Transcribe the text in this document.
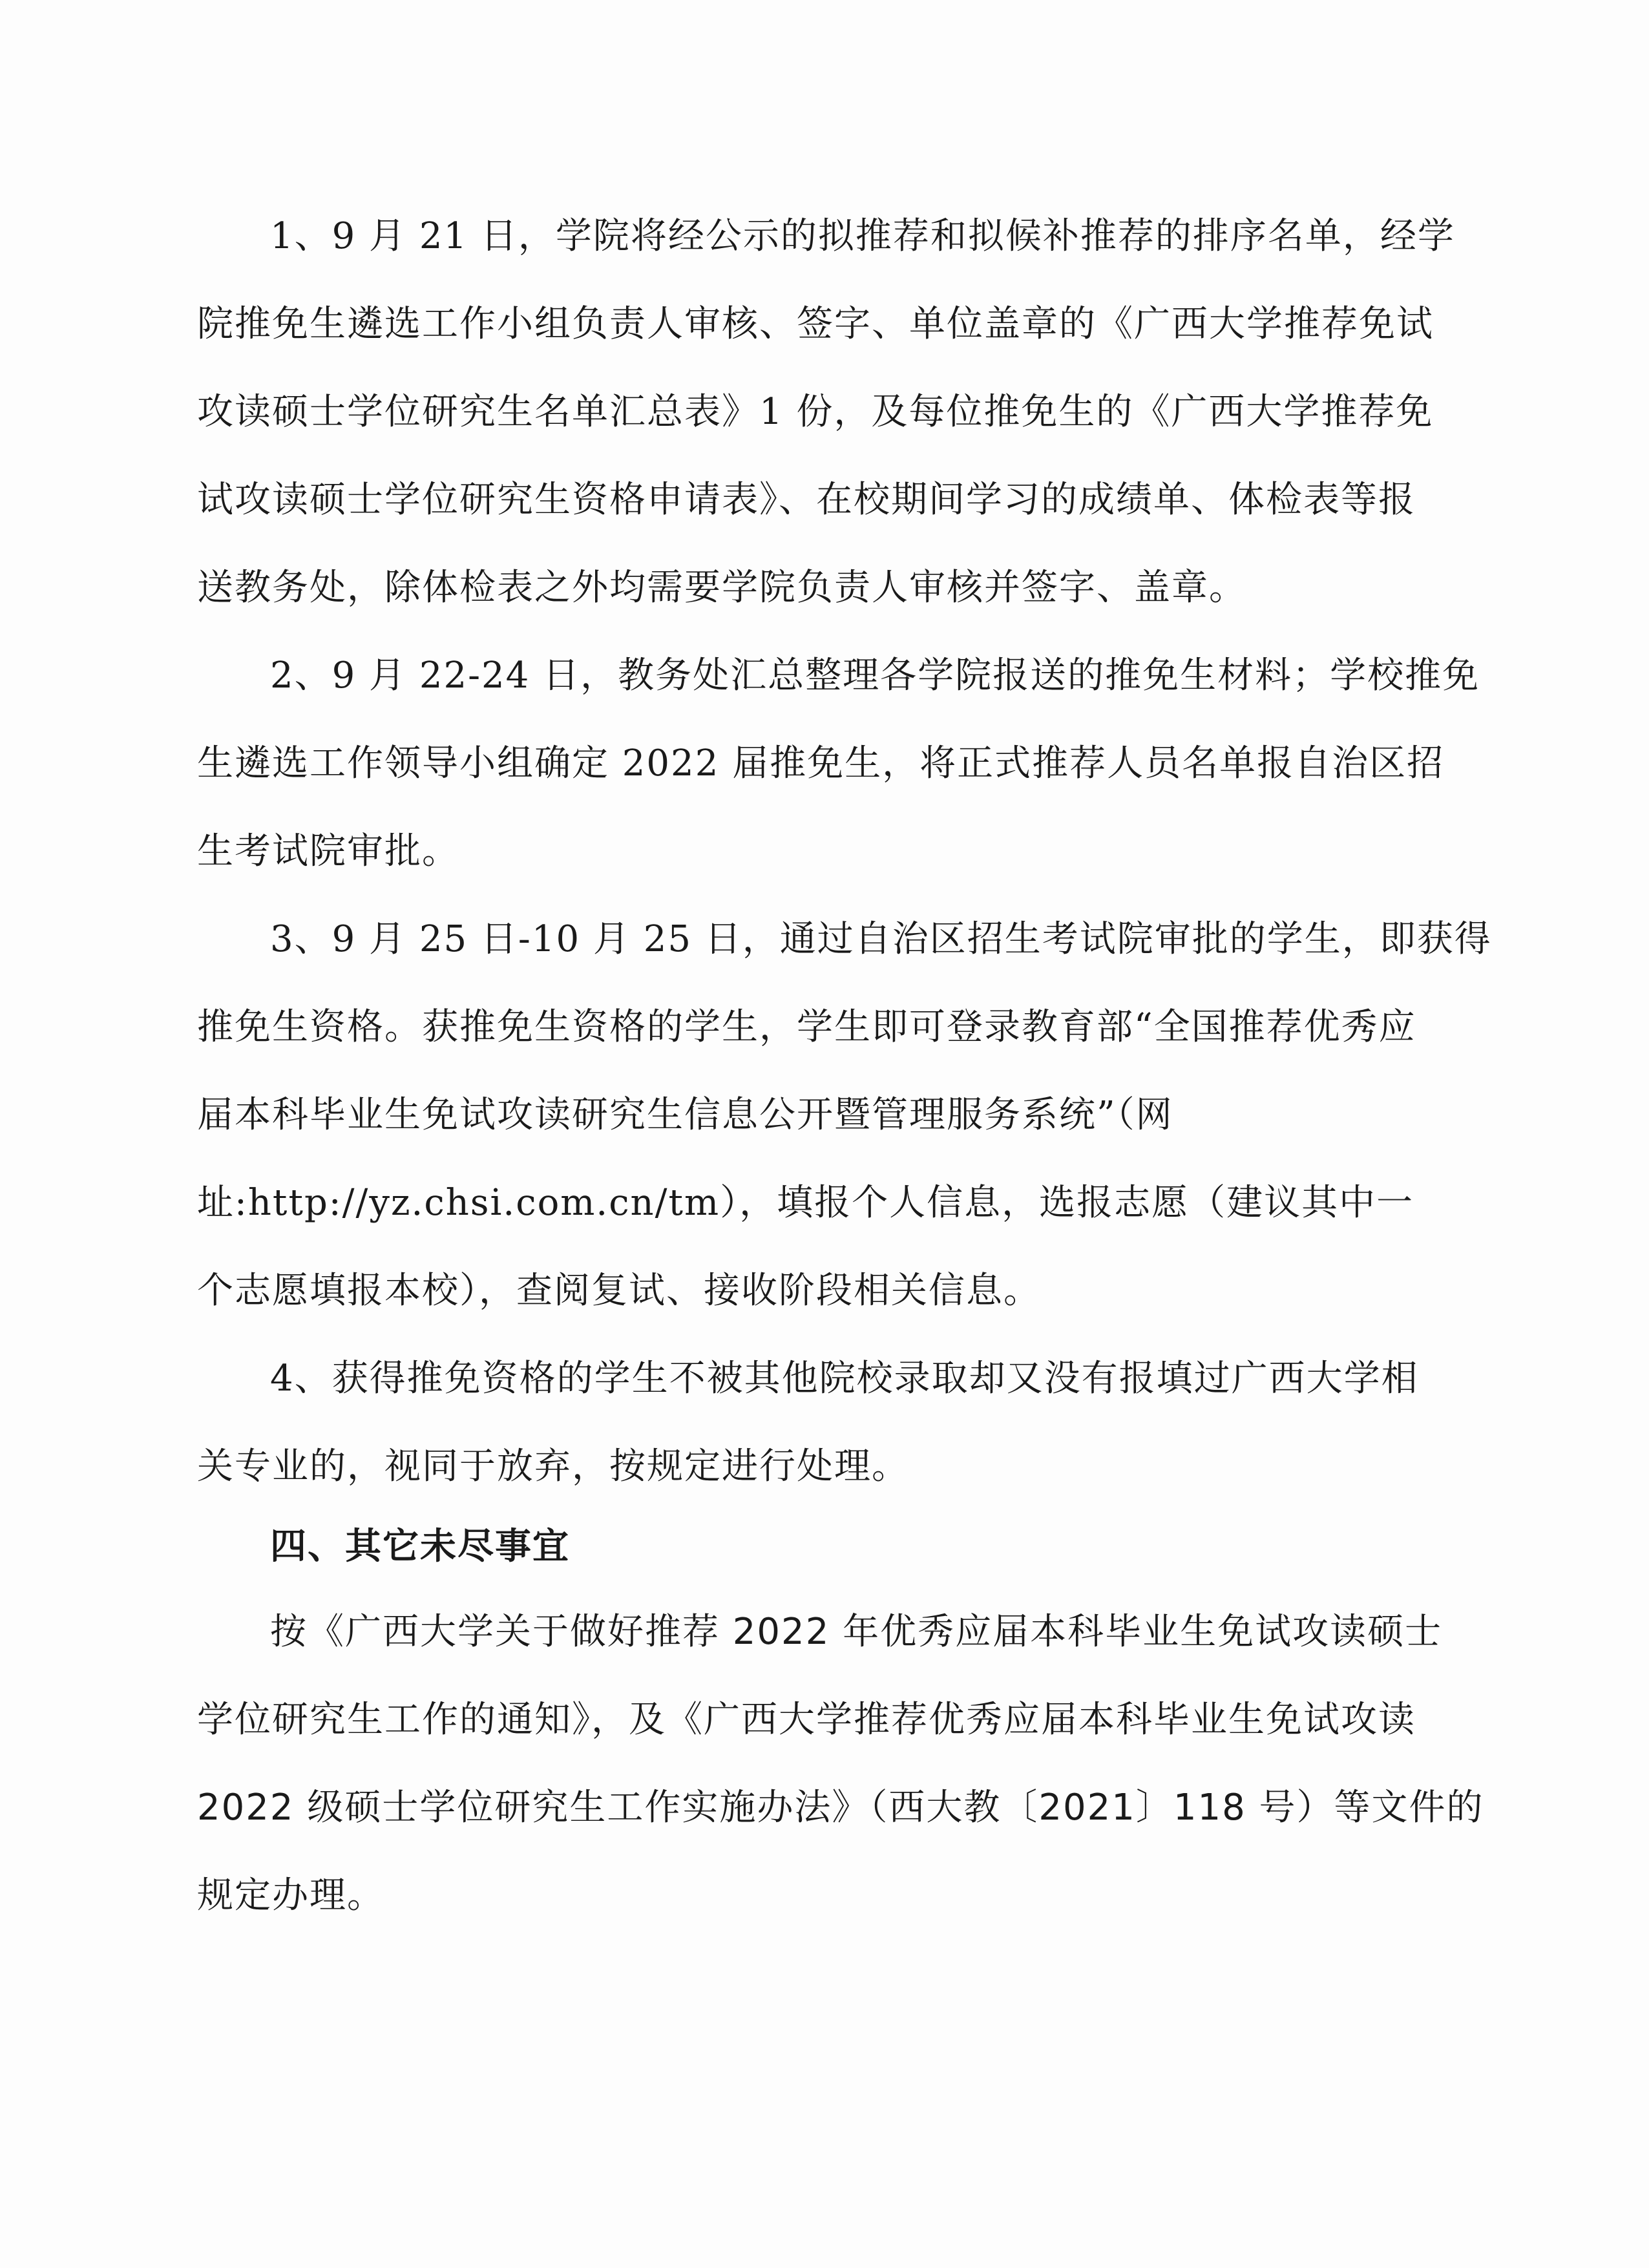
1、9 月 21 日，学院将经公示的拟推荐和拟候补推荐的排序名单，经学
院推免生遴选工作小组负责人审核、签字、单位盖章的《广西大学推荐免试
攻读硕士学位研究生名单汇总表》1 份，及每位推免生的《广西大学推荐免
试攻读硕士学位研究生资格申请表》、在校期间学习的成绩单、体检表等报
送教务处，除体检表之外均需要学院负责人审核并签字、盖章。
2、9 月 22-24 日，教务处汇总整理各学院报送的推免生材料；学校推免
生遴选工作领导小组确定 2022 届推免生，将正式推荐人员名单报自治区招
生考试院审批。
3、9 月 25 日-10 月 25 日，通过自治区招生考试院审批的学生，即获得
推免生资格。获推免生资格的学生，学生即可登录教育部“全国推荐优秀应
届本科毕业生免试攻读研究生信息公开暨管理服务系统”（网
址:http://yz.chsi.com.cn/tm），填报个人信息，选报志愿（建议其中一
个志愿填报本校），查阅复试、接收阶段相关信息。
4、获得推免资格的学生不被其他院校录取却又没有报填过广西大学相
关专业的，视同于放弃，按规定进行处理。
四、其它未尽事宜
按《广西大学关于做好推荐 2022 年优秀应届本科毕业生免试攻读硕士
学位研究生工作的通知》，及《广西大学推荐优秀应届本科毕业生免试攻读
2022 级硕士学位研究生工作实施办法》（西大教〔2021〕118 号）等文件的
规定办理。
